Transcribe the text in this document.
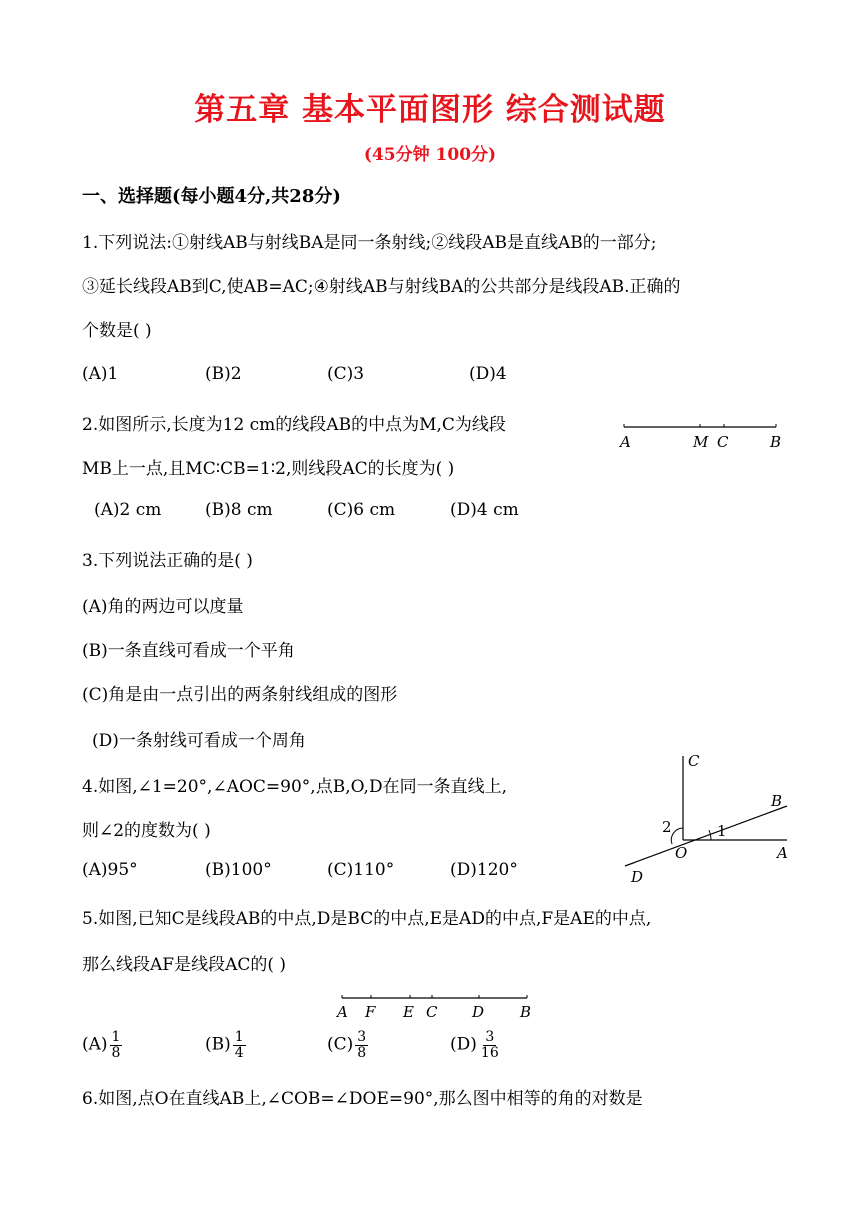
第五章 基本平面图形 综合测试题
(45分钟 100分)
一、选择题(每小题4分,共28分)
1.下列说法:①射线AB与射线BA是同一条射线;②线段AB是直线AB的一部分;
③延长线段AB到C,使AB=AC;④射线AB与射线BA的公共部分是线段AB.正确的
个数是( )
(A)1	(B)2	(C)3	(D)4
2.如图所示,长度为12 cm的线段AB的中点为M,C为线段
MB上一点,且MC∶CB=1∶2,则线段AC的长度为( )
A	M C	B
(A)2 cm	(B)8 cm	(C)6 cm	(D)4 cm
3.下列说法正确的是( )
(A)角的两边可以度量
(B)一条直线可看成一个平角
(C)角是由一点引出的两条射线组成的图形
(D)一条射线可看成一个周角
4.如图,∠1=20°,∠AOC=90°,点B,O,D在同一条直线上,
则∠2的度数为( )
C
B
A
O
D
1
2
(A)95°	(B)100°	(C)110°	(D)120°
5.如图,已知C是线段AB的中点,D是BC的中点,E是AD的中点,F是AE的中点,
那么线段AF是线段AC的( )
A F E C D B
$(A) \frac{1}{8}$	$(B) \frac{1}{4}$	$(C) \frac{3}{8}$	$(D) \frac{3}{16}$
6.如图,点O在直线AB上,∠COB=∠DOE=90°,那么图中相等的角的对数是
